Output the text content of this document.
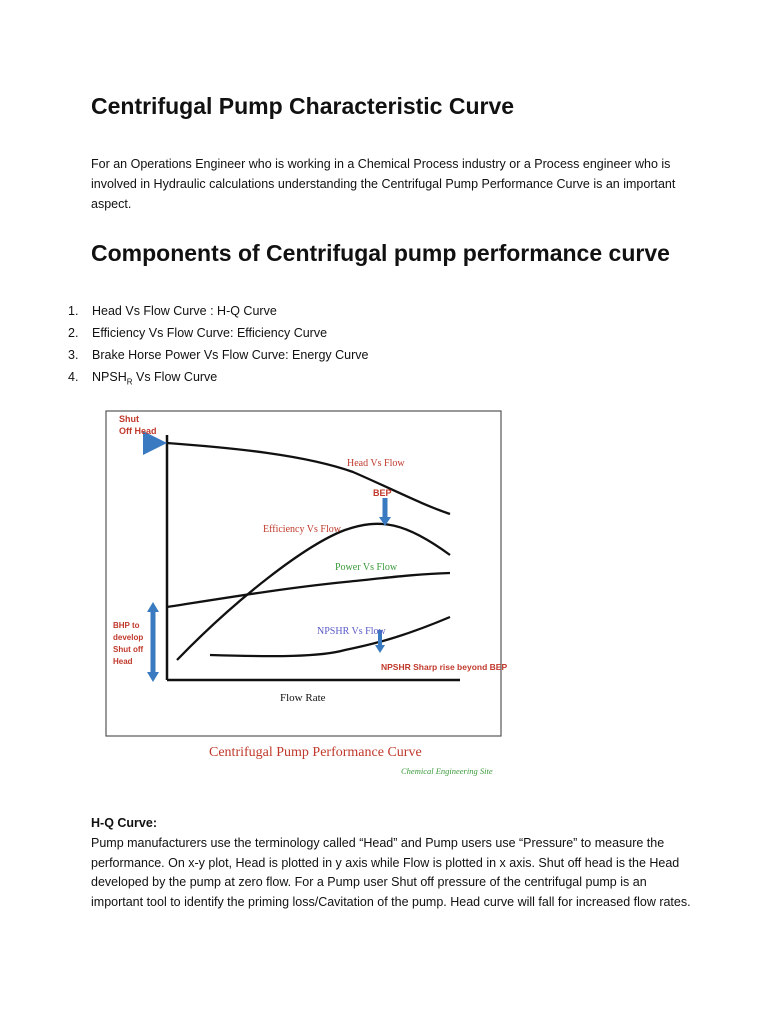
Centrifugal Pump Characteristic Curve

For an Operations Engineer who is working in a Chemical Process industry or a Process engineer who is involved in Hydraulic calculations understanding the Centrifugal Pump Performance Curve is an important aspect.

Components of Centrifugal pump performance curve
1.	Head Vs Flow Curve : H-Q Curve
2.	Efficiency Vs Flow Curve: Efficiency Curve
3.	Brake Horse Power Vs Flow Curve: Energy Curve
4.	$NPSH_R$ Vs Flow Curve
Shut
Off Head
BHP to
develop
Shut off
Head
Head Vs Flow
BEP
Efficiency Vs Flow
Power Vs Flow
NPSHR Vs Flow
NPSHR Sharp rise beyond BEP
Flow Rate
Centrifugal Pump Performance Curve
Chemical Engineering Site

H-Q Curve:

Pump manufacturers use the terminology called “Head” and Pump users use “Pressure” to measure the performance. On x-y plot, Head is plotted in y axis while Flow is plotted in x axis. Shut off head is the Head developed by the pump at zero flow. For a Pump user Shut off pressure of the centrifugal pump is an important tool to identify the priming loss/Cavitation of the pump. Head curve will fall for increased flow rates.
